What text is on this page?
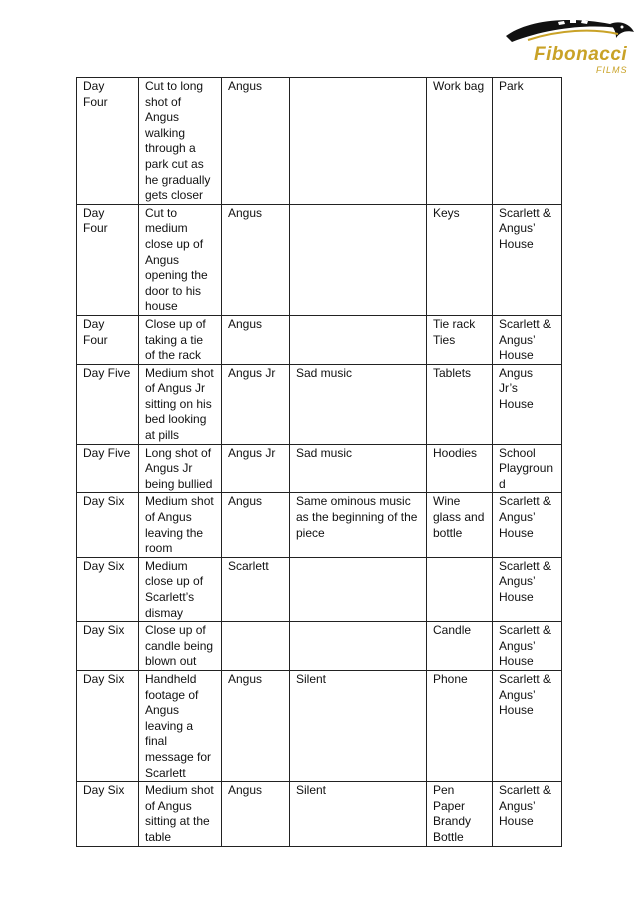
Fibonacci
FILMS
Day Four	Cut to long shot of Angus walking through a park cut as he gradually gets closer	Angus		Work bag	Park
Day Four	Cut to medium close up of Angus opening the door to his house	Angus		Keys	Scarlett & Angus’ House
Day Four	Close up of taking a tie of the rack	Angus		Tie rack Ties	Scarlett & Angus’ House
Day Five	Medium shot of Angus Jr sitting on his bed looking at pills	Angus Jr	Sad music	Tablets	Angus Jr’s House
Day Five	Long shot of Angus Jr being bullied	Angus Jr	Sad music	Hoodies	School Playground
Day Six	Medium shot of Angus leaving the room	Angus	Same ominous music as the beginning of the piece	Wine glass and bottle	Scarlett & Angus’ House
Day Six	Medium close up of Scarlett’s dismay	Scarlett			Scarlett & Angus’ House
Day Six	Close up of candle being blown out			Candle	Scarlett & Angus’ House
Day Six	Handheld footage of Angus leaving a final message for Scarlett	Angus	Silent	Phone	Scarlett & Angus’ House
Day Six	Medium shot of Angus sitting at the table	Angus	Silent	Pen Paper Brandy Bottle	Scarlett & Angus’ House
